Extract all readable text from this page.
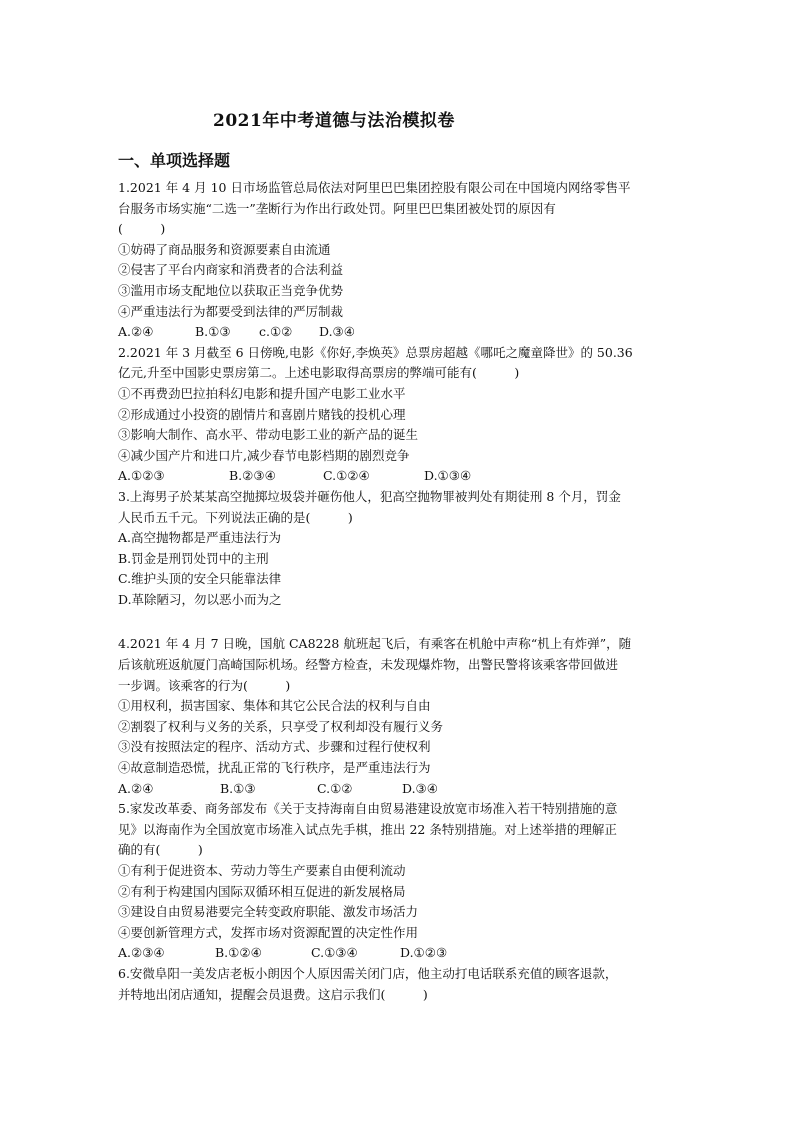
2021年中考道德与法治模拟卷
一、单项选择题
1.2021 年 4 月 10 日市场监管总局依法对阿里巴巴集团控股有限公司在中国境内网络零售平
台服务市场实施“二选一”垄断行为作出行政处罚。阿里巴巴集团被处罚的原因有
(　　　)
①妨碍了商品服务和资源要素自由流通
②侵害了平台内商家和消费者的合法利益
③滥用市场支配地位以获取正当竞争优势
④严重违法行为都要受到法律的严厉制裁
A.②④	B.①③	c.①②	D.③④
2.2021 年 3 月截至 6 日傍晚,电影《你好,李焕英》总票房超越《哪吒之魔童降世》的 50.36
亿元,升至中国影史票房第二。上述电影取得高票房的弊端可能有(　　　)
①不再费劲巴拉拍科幻电影和提升国产电影工业水平
②形成通过小投资的剧情片和喜剧片赌钱的投机心理
③影响大制作、高水平、带动电影工业的新产品的诞生
④减少国产片和进口片,减少春节电影档期的剧烈竞争
A.①②③	B.②③④	C.①②④	D.①③④
3.上海男子於某某高空抛掷垃圾袋并砸伤他人，犯高空抛物罪被判处有期徒刑 8 个月，罚金
人民币五千元。下列说法正确的是(　　　)
A.高空抛物都是严重违法行为
B.罚金是刑罚处罚中的主刑
C.维护头顶的安全只能靠法律
D.革除陋习，勿以恶小而为之
4.2021 年 4 月 7 日晚，国航 CA8228 航班起飞后，有乘客在机舱中声称“机上有炸弹”，随
后该航班返航厦门高崎国际机场。经警方检查，未发现爆炸物，出警民警将该乘客带回做进
一步调。该乘客的行为(　　　)
①用权利，损害国家、集体和其它公民合法的权利与自由
②割裂了权利与义务的关系，只享受了权利却没有履行义务
③没有按照法定的程序、活动方式、步骤和过程行使权利
④故意制造恐慌，扰乱正常的飞行秩序，是严重违法行为
A.②④	B.①③	C.①②	D.③④
5.家发改革委、商务部发布《关于支持海南自由贸易港建设放宽市场准入若干特别措施的意
见》以海南作为全国放宽市场准入试点先手棋，推出 22 条特别措施。对上述举措的理解正
确的有(　　　)
①有利于促进资本、劳动力等生产要素自由便利流动
②有利于构建国内国际双循环相互促进的新发展格局
③建设自由贸易港要完全转变政府职能、激发市场活力
④要创新管理方式，发挥市场对资源配置的决定性作用
A.②③④	B.①②④	C.①③④	D.①②③
6.安微阜阳一美发店老板小朗因个人原因需关闭门店，他主动打电话联系充值的顾客退款，
并特地出闭店通知，提醒会员退费。这启示我们(　　　)
